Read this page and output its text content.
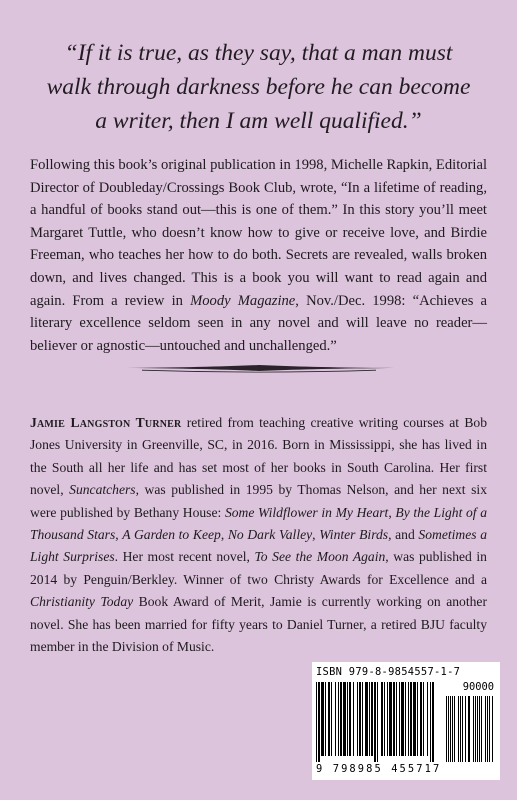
“If it is true, as they say, that a man must
walk through darkness before he can become
a writer, then I am well qualified.”

Following this book’s original publication in 1998, Michelle Rapkin, Editorial Director of Doubleday/Crossings Book Club, wrote, “In a lifetime of reading, a handful of books stand out—this is one of them.” In this story you’ll meet Margaret Tuttle, who doesn’t know how to give or receive love, and Birdie Freeman, who teaches her how to do both. Secrets are revealed, walls broken down, and lives changed. This is a book you will want to read again and again. From a review in Moody Magazine, Nov./Dec. 1998: “Achieves a literary excellence seldom seen in any novel and will leave no reader—believer or agnostic—untouched and unchallenged.”

Jamie Langston Turner retired from teaching creative writing courses at Bob Jones University in Greenville, SC, in 2016. Born in Mississippi, she has lived in the South all her life and has set most of her books in South Carolina. Her first novel, Suncatchers, was published in 1995 by Thomas Nelson, and her next six were published by Bethany House: Some Wildflower in My Heart, By the Light of a Thousand Stars, A Garden to Keep, No Dark Valley, Winter Birds, and Sometimes a Light Surprises. Her most recent novel, To See the Moon Again, was published in 2014 by Penguin/Berkley. Winner of two Christy Awards for Excellence and a Christianity Today Book Award of Merit, Jamie is currently working on another novel. She has been married for fifty years to Daniel Turner, a retired BJU faculty member in the Division of Music.

ISBN 979-8-9854557-1-7
90000
9 798985 455717
